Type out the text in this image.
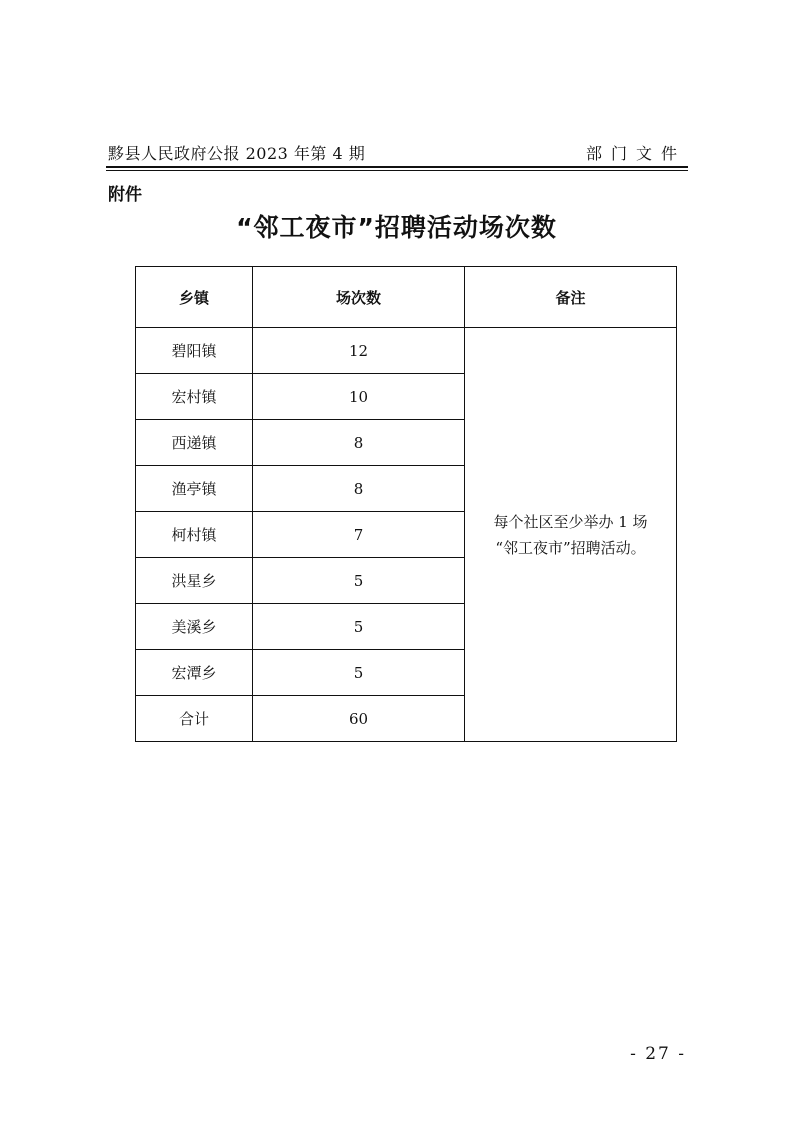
黟县人民政府公报 2023 年第 4 期	部门文件
附件
“邻工夜市”招聘活动场次数
乡镇	场次数	备注
碧阳镇	12	每个社区至少举办 1 场
“邻工夜市”招聘活动。

宏村镇	10	
西递镇	8	
渔亭镇	8	
柯村镇	7	
洪星乡	5	
美溪乡	5	
宏潭乡	5	
合计	60	
- 27 -
